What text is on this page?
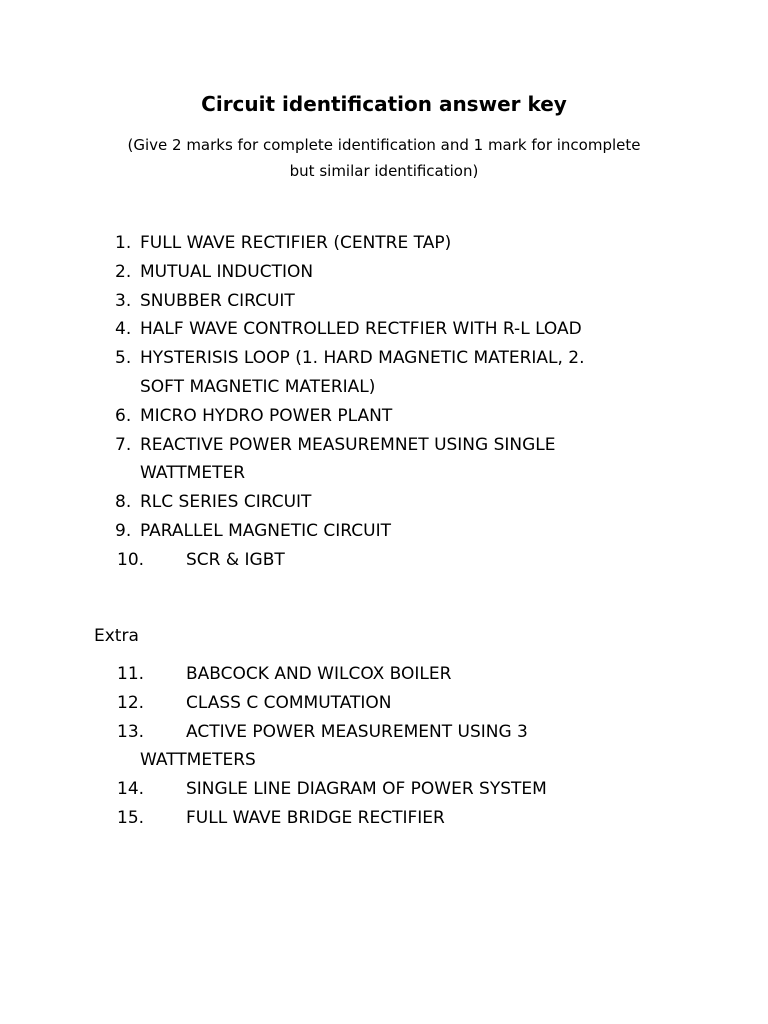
Circuit identification answer key
(Give 2 marks for complete identification and 1 mark for incomplete
but similar identification)
1. FULL WAVE RECTIFIER (CENTRE TAP)
2. MUTUAL INDUCTION
3. SNUBBER CIRCUIT
4. HALF WAVE CONTROLLED RECTFIER WITH R-L LOAD
5. HYSTERISIS LOOP (1. HARD MAGNETIC MATERIAL, 2.
SOFT MAGNETIC MATERIAL)
6. MICRO HYDRO POWER PLANT
7. REACTIVE POWER MEASUREMNET USING SINGLE
WATTMETER
8. RLC SERIES CIRCUIT
9. PARALLEL MAGNETIC CIRCUIT
10.	SCR & IGBT
Extra
11.	BABCOCK AND WILCOX BOILER
12.	CLASS C COMMUTATION
13.	ACTIVE POWER MEASUREMENT USING 3
WATTMETERS
14.	SINGLE LINE DIAGRAM OF POWER SYSTEM
15.	FULL WAVE BRIDGE RECTIFIER
